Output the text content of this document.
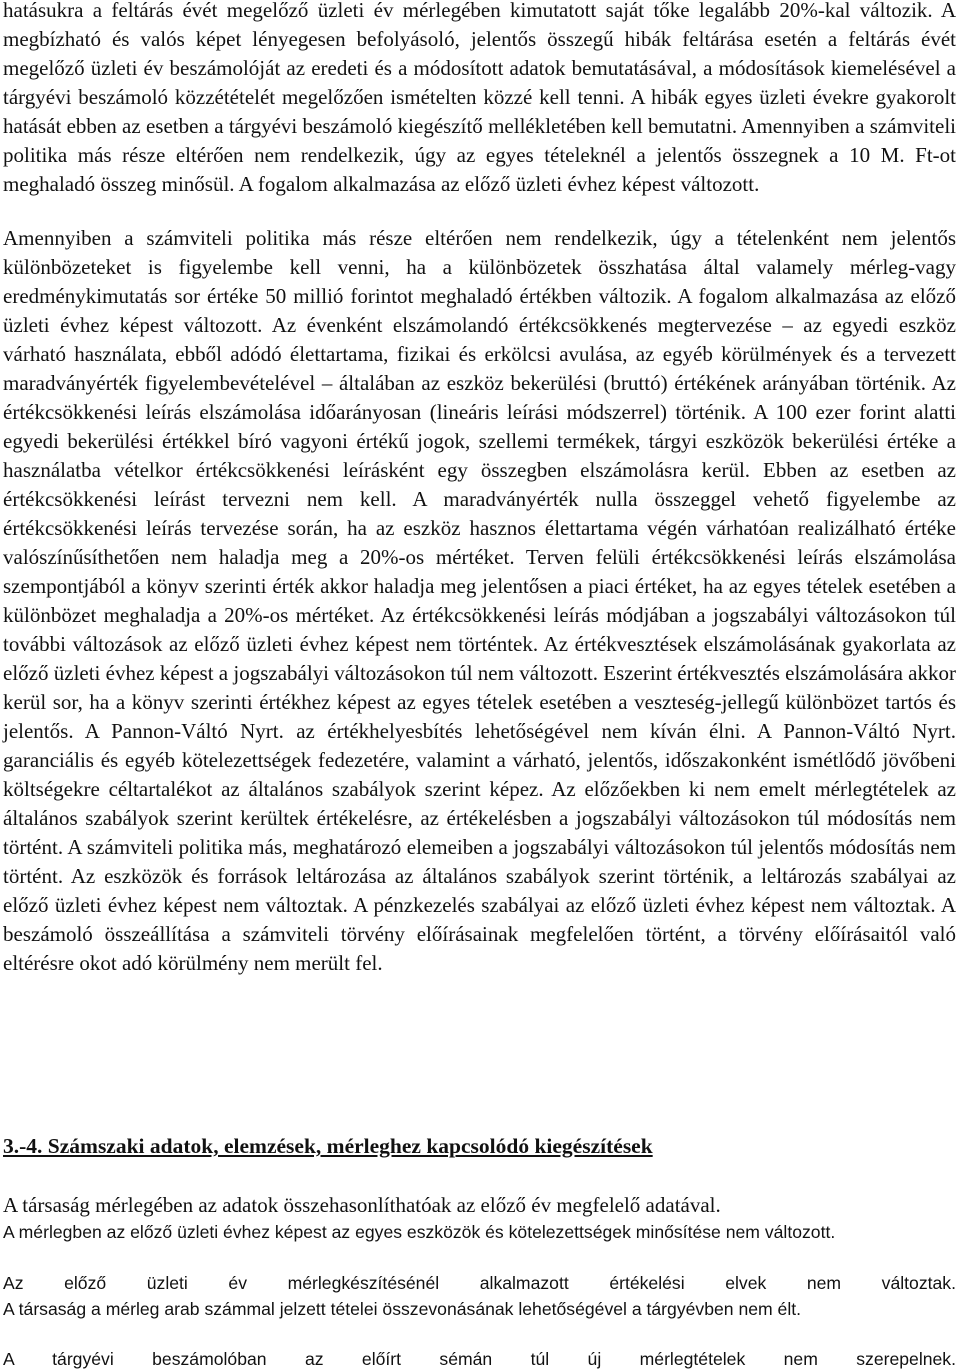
hatásukra a feltárás évét megelőző üzleti év mérlegében kimutatott saját tőke legalább 20%-kal változik. A megbízható és valós képet lényegesen befolyásoló, jelentős összegű hibák feltárása esetén a feltárás évét megelőző üzleti év beszámolóját az eredeti és a módosított adatok bemutatásával, a módosítások kiemelésével a tárgyévi beszámoló közzétételét megelőzően ismételten közzé kell tenni. A hibák egyes üzleti évekre gyakorolt hatását ebben az esetben a tárgyévi beszámoló kiegészítő mellékletében kell bemutatni. Amennyiben a számviteli politika más része eltérően nem rendelkezik, úgy az egyes tételeknél a jelentős összegnek a 10 M. Ft-ot meghaladó összeg minősül. A fogalom alkalmazása az előző üzleti évhez képest változott.

Amennyiben a számviteli politika más része eltérően nem rendelkezik, úgy a tételenként nem jelentős különbözeteket is figyelembe kell venni, ha a különbözetek összhatása által valamely mérleg-vagy eredménykimutatás sor értéke 50 millió forintot meghaladó értékben változik. A fogalom alkalmazása az előző üzleti évhez képest változott. Az évenként elszámolandó értékcsökkenés megtervezése – az egyedi eszköz várható használata, ebből adódó élettartama, fizikai és erkölcsi avulása, az egyéb körülmények és a tervezett maradványérték figyelembevételével – általában az eszköz bekerülési (bruttó) értékének arányában történik. Az értékcsökkenési leírás elszámolása időarányosan (lineáris leírási módszerrel) történik. A 100 ezer forint alatti egyedi bekerülési értékkel bíró vagyoni értékű jogok, szellemi termékek, tárgyi eszközök bekerülési értéke a használatba vételkor értékcsökkenési leírásként egy összegben elszámolásra kerül. Ebben az esetben az értékcsökkenési leírást tervezni nem kell. A maradványérték nulla összeggel vehető figyelembe az értékcsökkenési leírás tervezése során, ha az eszköz hasznos élettartama végén várhatóan realizálható értéke valószínűsíthetően nem haladja meg a 20%-os mértéket. Terven felüli értékcsökkenési leírás elszámolása szempontjából a könyv szerinti érték akkor haladja meg jelentősen a piaci értéket, ha az egyes tételek esetében a különbözet meghaladja a 20%-os mértéket. Az értékcsökkenési leírás módjában a jogszabályi változásokon túl további változások az előző üzleti évhez képest nem történtek. Az értékvesztések elszámolásának gyakorlata az előző üzleti évhez képest a jogszabályi változásokon túl nem változott. Eszerint értékvesztés elszámolására akkor kerül sor, ha a könyv szerinti értékhez képest az egyes tételek esetében a veszteség-jellegű különbözet tartós és jelentős. A Pannon-Váltó Nyrt. az értékhelyesbítés lehetőségével nem kíván élni. A Pannon-Váltó Nyrt. garanciális és egyéb kötelezettségek fedezetére, valamint a várható, jelentős, időszakonként ismétlődő jövőbeni költségekre céltartalékot az általános szabályok szerint képez. Az előzőekben ki nem emelt mérlegtételek az általános szabályok szerint kerültek értékelésre, az értékelésben a jogszabályi változásokon túl módosítás nem történt. A számviteli politika más, meghatározó elemeiben a jogszabályi változásokon túl jelentős módosítás nem történt. Az eszközök és források leltározása az általános szabályok szerint történik, a leltározás szabályai az előző üzleti évhez képest nem változtak. A pénzkezelés szabályai az előző üzleti évhez képest nem változtak. A beszámoló összeállítása a számviteli törvény előírásainak megfelelően történt, a törvény előírásaitól való eltérésre okot adó körülmény nem merült fel.

3.-4. Számszaki adatok, elemzések, mérleghez kapcsolódó kiegészítések

A társaság mérlegében az adatok összehasonlíthatóak az előző év megfelelő adatával.

A mérlegben az előző üzleti évhez képest az egyes eszközök és kötelezettségek minősítése nem változott.

Az előző üzleti év mérlegkészítésénél alkalmazott értékelési elvek nem változtak.

A társaság a mérleg arab számmal jelzett tételei összevonásának lehetőségével a tárgyévben nem élt.

A tárgyévi beszámolóban az előírt sémán túl új mérlegtételek nem szerepelnek.
